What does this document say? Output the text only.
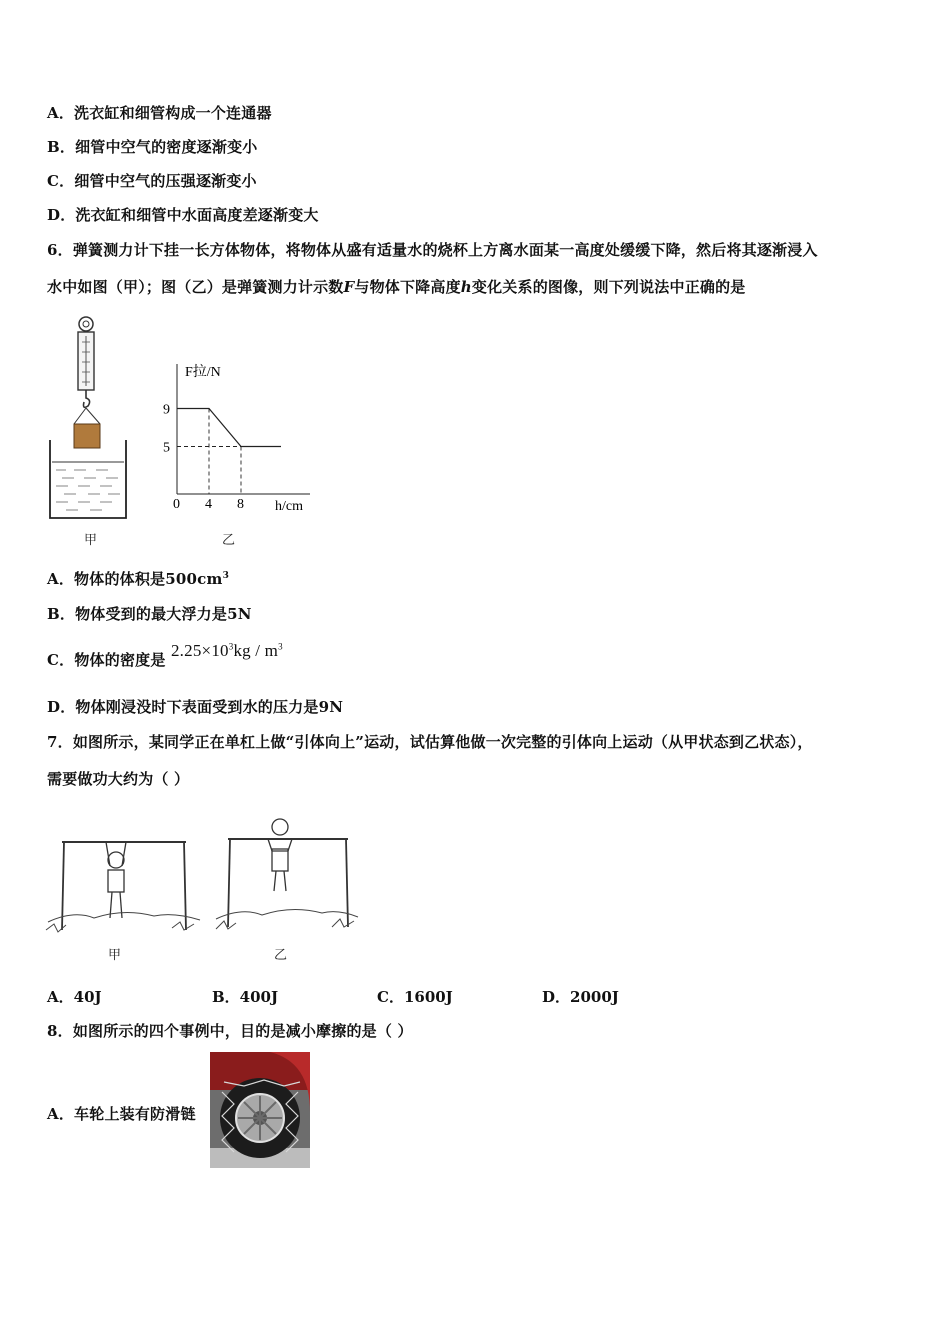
A．洗衣缸和细管构成一个连通器
B．细管中空气的密度逐渐变小
C．细管中空气的压强逐渐变小
D．洗衣缸和细管中水面高度差逐渐变大
6．弹簧测力计下挂一长方体物体，将物体从盛有适量水的烧杯上方离水面某一高度处缓缓下降，然后将其逐渐浸入
水中如图（甲）；图（乙）是弹簧测力计示数F与物体下降高度h变化关系的图像，则下列说法中正确的是
甲
F拉/N
h/cm
0 4 8
9
5
乙
A．物体的体积是$500cm^3$
B．物体受到的最大浮力是5N
C．物体的密度是 $2.25\times 10^3kg / m^3$
D．物体刚浸没时下表面受到水的压力是9N
7．如图所示，某同学正在单杠上做“引体向上”运动，试估算他做一次完整的引体向上运动（从甲状态到乙状态），
需要做功大约为（ ）
甲	乙
A．40J	B．400J	C．1600J	D．2000J
8．如图所示的四个事例中，目的是减小摩擦的是（ ）
A．车轮上装有防滑链
